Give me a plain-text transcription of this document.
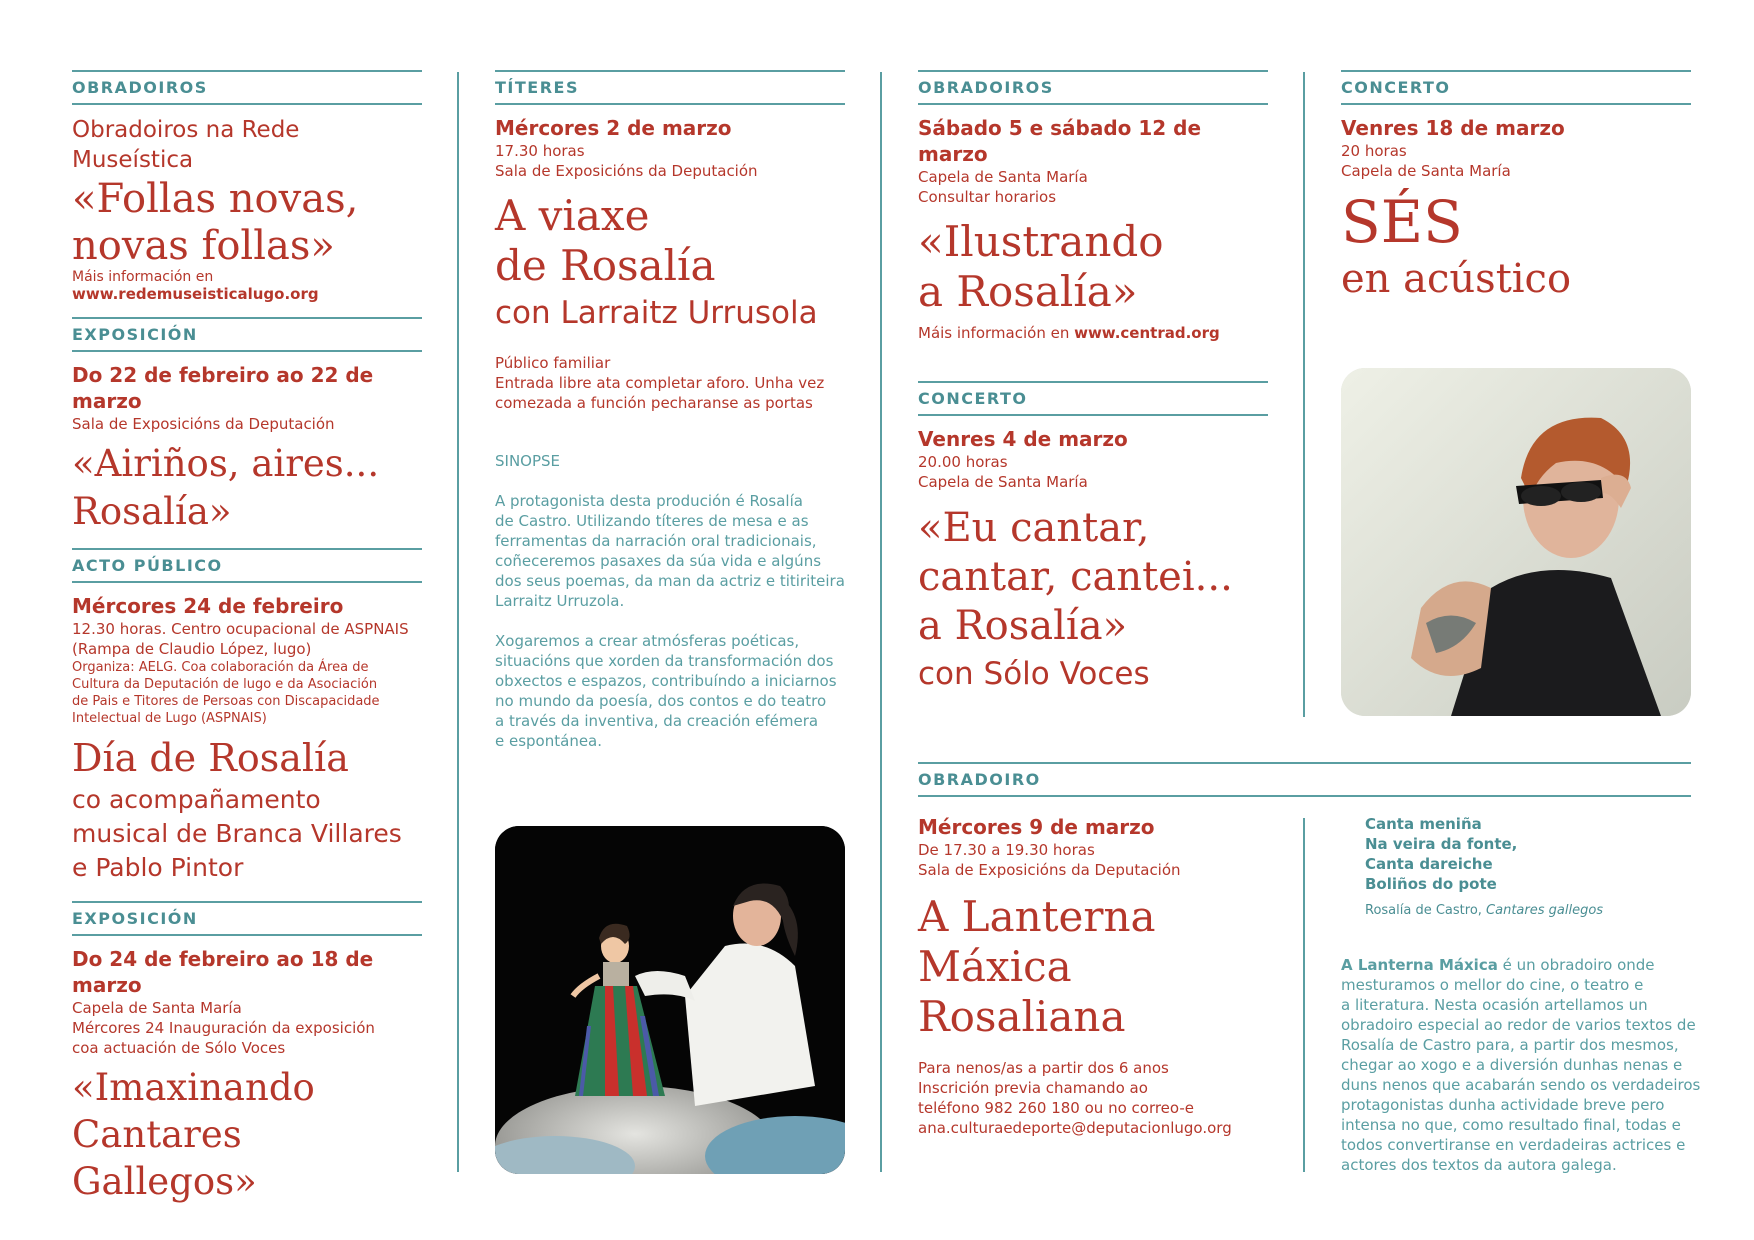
OBRADOIROS

Obradoiros na Rede Museística

«Follas novas,

novas follas»

Máis información en

www.redemuseisticalugo.org

EXPOSICIÓN

Do 22 de febreiro ao 22 de marzo

Sala de Exposicións da Deputación

«Airiños, aires...

Rosalía»

ACTO PÚBLICO

Mércores 24 de febreiro

12.30 horas. Centro ocupacional de ASPNAIS

(Rampa de Claudio López, lugo)

Organiza: AELG. Coa colaboración da Área de

Cultura da Deputación de lugo e da Asociación

de Pais e Titores de Persoas con Discapacidade

Intelectual de Lugo (ASPNAIS)

Día de Rosalía

co acompañamento

musical de Branca Villares

e Pablo Pintor

EXPOSICIÓN

Do 24 de febreiro ao 18 de marzo

Capela de Santa María

Mércores 24 Inauguración da exposición

coa actuación de Sólo Voces

«Imaxinando

Cantares

Gallegos»

TÍTERES

Mércores 2 de marzo

17.30 horas

Sala de Exposicións da Deputación

A viaxe

de Rosalía

con Larraitz Urrusola

Público familiar

Entrada libre ata completar aforo. Unha vez

comezada a función pecharanse as portas

SINOPSE

A protagonista desta produción é Rosalía

de Castro. Utilizando títeres de mesa e as

ferramentas da narración oral tradicionais,

coñeceremos pasaxes da súa vida e algúns

dos seus poemas, da man da actriz e titiriteira

Larraitz Urruzola.

Xogaremos a crear atmósferas poéticas,

situacións que xorden da transformación dos

obxectos e espazos, contribuíndo a iniciarnos

no mundo da poesía, dos contos e do teatro

a través da inventiva, da creación efémera

e espontánea.

OBRADOIROS

Sábado 5 e sábado 12 de marzo

Capela de Santa María

Consultar horarios

«Ilustrando

a Rosalía»

Máis información en www.centrad.org

CONCERTO

Venres 4 de marzo

20.00 horas

Capela de Santa María

«Eu cantar,

cantar, cantei...

a Rosalía»

con Sólo Voces

CONCERTO

Venres 18 de marzo

20 horas

Capela de Santa María

SÉS

en acústico

OBRADOIRO

Mércores 9 de marzo

De 17.30 a 19.30 horas

Sala de Exposicións da Deputación

A Lanterna

Máxica

Rosaliana

Para nenos/as a partir dos 6 anos

Inscrición previa chamando ao

teléfono 982 260 180 ou no correo-e

ana.culturaedeporte@deputacionlugo.org

Canta meniña

Na veira da fonte,

Canta dareiche

Boliños do pote

Rosalía de Castro, Cantares gallegos

A Lanterna Máxica é un obradoiro onde

mesturamos o mellor do cine, o teatro e

a literatura. Nesta ocasión artellamos un

obradoiro especial ao redor de varios textos de

Rosalía de Castro para, a partir dos mesmos,

chegar ao xogo e a diversión dunhas nenas e

duns nenos que acabarán sendo os verdadeiros

protagonistas dunha actividade breve pero

intensa no que, como resultado final, todas e

todos convertiranse en verdadeiras actrices e

actores dos textos da autora galega.
